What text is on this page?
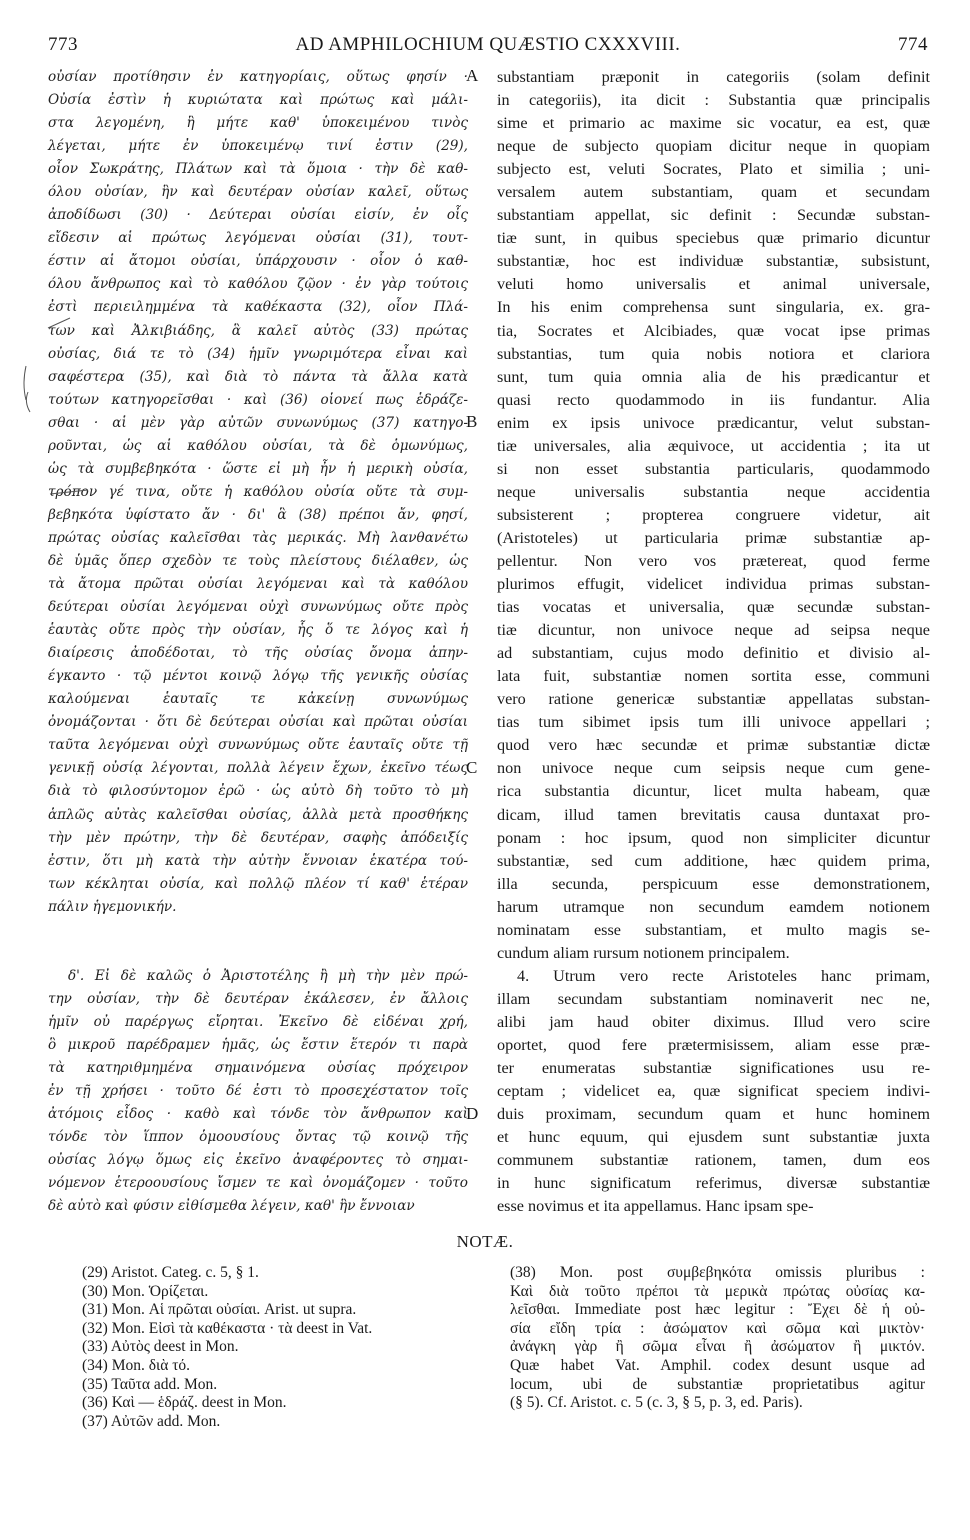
AD AMPHILOCHIUM QUÆSTIO CXXXVIII.
773	774
οὐσίαν προτίθησιν ἐν κατηγορίαις, οὕτως φησίν ·
Οὐσία ἐστὶν ἡ κυριώτατα καὶ πρώτως καὶ μάλι-
στα λεγομένη, ἣ μήτε καθ' ὑποκειμένου τινὸς
λέγεται, μήτε ἐν ὑποκειμένῳ τινί ἐστιν (29),
οἷον Σωκράτης, Πλάτων καὶ τὰ ὅμοια · τὴν δὲ καθ-
όλου οὐσίαν, ἣν καὶ δευτέραν οὐσίαν καλεῖ, οὕτως
ἀποδίδωσι (30) · Δεύτεραι οὐσίαι εἰσίν, ἐν οἷς
εἴδεσιν αἱ πρώτως λεγόμεναι οὐσίαι (31), τουτ-
έστιν αἱ ἄτομοι οὐσίαι, ὑπάρχουσιν · οἷον ὁ καθ-
όλου ἄνθρωπος καὶ τὸ καθόλου ζῷον · ἐν γὰρ τούτοις
ἐστὶ περιειλημμένα τὰ καθέκαστα (32), οἷον Πλά-
των καὶ Ἀλκιβιάδης, ἃ καλεῖ αὐτὸς (33) πρώτας
οὐσίας, διά τε τὸ (34) ἡμῖν γνωριμότερα εἶναι καὶ
σαφέστερα (35), καὶ διὰ τὸ πάντα τὰ ἄλλα κατὰ
τούτων κατηγορεῖσθαι · καὶ (36) οἱονεί πως ἑδράζε-
σθαι · αἱ μὲν γὰρ αὐτῶν συνωνύμως (37) κατηγο-
ροῦνται, ὡς αἱ καθόλου οὐσίαι, τὰ δὲ ὁμωνύμως,
ὡς τὰ συμβεβηκότα · ὥστε εἰ μὴ ἦν ἡ μερικὴ οὐσία,
τρόπον γέ τινα, οὔτε ἡ καθόλου οὐσία οὔτε τὰ συμ-
βεβηκότα ὑφίστατο ἄν · δι' ἃ (38) πρέποι ἄν, φησί,
πρώτας οὐσίας καλεῖσθαι τὰς μερικάς. Μὴ λανθανέτω
δὲ ὑμᾶς ὅπερ σχεδὸν τε τοὺς πλείστους διέλαθεν, ὡς
τὰ ἄτομα πρῶται οὐσίαι λεγόμεναι καὶ τὰ καθόλου
δεύτεραι οὐσίαι λεγόμεναι οὐχὶ συνωνύμως οὔτε πρὸς
ἑαυτὰς οὔτε πρὸς τὴν οὐσίαν, ἧς ὅ τε λόγος καὶ ἡ
διαίρεσις ἀποδέδοται, τὸ τῆς οὐσίας ὄνομα ἀπην-
έγκαντο · τῷ μέντοι κοινῷ λόγῳ τῆς γενικῆς οὐσίας
καλούμεναι ἑαυταῖς τε κἀκείνῃ συνωνύμως
ὀνομάζονται · ὅτι δὲ δεύτεραι οὐσίαι καὶ πρῶται οὐσίαι
ταῦτα λεγόμεναι οὐχὶ συνωνύμως οὔτε ἑαυταῖς οὔτε τῇ
γενικῇ οὐσίᾳ λέγονται, πολλὰ λέγειν ἔχων, ἐκεῖνο τέως
διὰ τὸ φιλοσύντομον ἐρῶ · ὡς αὐτὸ δὴ τοῦτο τὸ μὴ
ἁπλῶς αὐτὰς καλεῖσθαι οὐσίας, ἀλλὰ μετὰ προσθήκης
τὴν μὲν πρώτην, τὴν δὲ δευτέραν, σαφὴς ἀπόδειξίς
ἐστιν, ὅτι μὴ κατὰ τὴν αὐτὴν ἔννοιαν ἑκατέρα τού-
των κέκληται οὐσία, καὶ πολλῷ πλέον τί καθ' ἑτέραν
πάλιν ἡγεμονικήν.
δ'. Εἰ δὲ καλῶς ὁ Ἀριστοτέλης ἢ μὴ τὴν μὲν πρώ-
την οὐσίαν, τὴν δὲ δευτέραν ἐκάλεσεν, ἐν ἄλλοις
ἡμῖν οὐ παρέργως εἴρηται. Ἐκεῖνο δὲ εἰδέναι χρή,
ὃ μικροῦ παρέδραμεν ἡμᾶς, ὡς ἔστιν ἕτερόν τι παρὰ
τὰ κατηριθμημένα σημαινόμενα οὐσίας πρόχειρον
ἐν τῇ χρήσει · τοῦτο δέ ἐστι τὸ προσεχέστατον τοῖς
ἀτόμοις εἶδος · καθὸ καὶ τόνδε τὸν ἄνθρωπον καὶ
τόνδε τὸν ἵππον ὁμοουσίους ὄντας τῷ κοινῷ τῆς
οὐσίας λόγῳ ὅμως εἰς ἐκεῖνο ἀναφέροντες τὸ σημαι-
νόμενον ἑτεροουσίους ἴσμεν τε καὶ ὀνομάζομεν · τοῦτο
δὲ αὐτὸ καὶ φύσιν εἰθίσμεθα λέγειν, καθ' ἣν ἔννοιαν
A
B
C
D
substantiam præponit in categoriis (solam definit
in categoriis), ita dicit : Substantia quæ principalis
sime et primario ac maxime sic vocatur, ea est, quæ
neque de subjecto quopiam dicitur neque in quopiam
subjecto est, veluti Socrates, Plato et similia ; uni-
versalem autem substantiam, quam et secundam
substantiam appellat, sic definit : Secundæ substan-
tiæ sunt, in quibus speciebus quæ primario dicuntur
substantiæ, hoc est individuæ substantiæ, subsistunt,
veluti homo universalis et animal universale,
In his enim comprehensa sunt singularia, ex. gra-
tia, Socrates et Alcibiades, quæ vocat ipse primas
substantias, tum quia nobis notiora et clariora
sunt, tum quia omnia alia de his prædicantur et
quasi recto quodammodo in iis fundantur. Alia
enim ex ipsis univoce prædicantur, velut substan-
tiæ universales, alia æquivoce, ut accidentia ; ita ut
si non esset substantia particularis, quodammodo
neque universalis substantia neque accidentia
subsisterent ; propterea congruere videtur, ait
(Aristoteles) ut particularia primæ substantiæ ap-
pellentur. Non vero vos prætereat, quod ferme
plurimos effugit, videlicet individua primas substan-
tias vocatas et universalia, quæ secundæ substan-
tiæ dicuntur, non univoce neque ad seipsa neque
ad substantiam, cujus modo definitio et divisio al-
lata fuit, substantiæ nomen sortita esse, communi
vero ratione genericæ substantiæ appellatas substan-
tias tum sibimet ipsis tum illi univoce appellari ;
quod vero hæc secundæ et primæ substantiæ dictæ
non univoce neque cum seipsis neque cum gene-
rica substantia dicuntur, licet multa habeam, quæ
dicam, illud tamen brevitatis causa duntaxat pro-
ponam : hoc ipsum, quod non simpliciter dicuntur
substantiæ, sed cum additione, hæc quidem prima,
illa secunda, perspicuum esse demonstrationem,
harum utramque non secundum eamdem notionem
nominatam esse substantiam, et multo magis se-
cundum aliam rursum notionem principalem.
4. Utrum vero recte Aristoteles hanc primam,
illam secundam substantiam nominaverit nec ne,
alibi jam haud obiter diximus. Illud vero scire
oportet, quod fere prætermisissem, aliam esse præ-
ter enumeratas substantiæ significationes usu re-
ceptam ; videlicet ea, quæ significat speciem indivi-
duis proximam, secundum quam et hunc hominem
et hunc equum, qui ejusdem sunt substantiæ juxta
communem substantiæ rationem, tamen, dum eos
in hunc significatum referimus, diversæ substantiæ
esse novimus et ita appellamus. Hanc ipsam spe-
NOTÆ.
(29) Aristot. Categ. c. 5, § 1.
(30) Mon. Ὁρίζεται.
(31) Mon. Αἱ πρῶται οὐσίαι. Arist. ut supra.
(32) Mon. Εἰσὶ τὰ καθέκαστα · τὰ deest in Vat.
(33) Αὐτὸς deest in Mon.
(34) Mon. διὰ τό.
(35) Ταῦτα add. Mon.
(36) Καὶ — ἑδράζ. deest in Mon.
(37) Αὐτῶν add. Mon.
(38) Mon. post συμβεβηκότα omissis pluribus :
Καὶ διὰ τοῦτο πρέποι τὰ μερικὰ πρώτας οὐσίας κα-
λεῖσθαι. Immediate post hæc legitur : Ἔχει δὲ ἡ οὐ-
σία εἴδη τρία : ἀσώματον καὶ σῶμα καὶ μικτὸν·
ἀνάγκη γὰρ ἢ σῶμα εἶναι ἢ ἀσώματον ἢ μικτόν.
Quæ habet Vat. Amphil. codex desunt usque ad
locum, ubi de substantiæ proprietatibus agitur
(§ 5). Cf. Aristot. c. 5 (c. 3, § 5, p. 3, ed. Paris).
